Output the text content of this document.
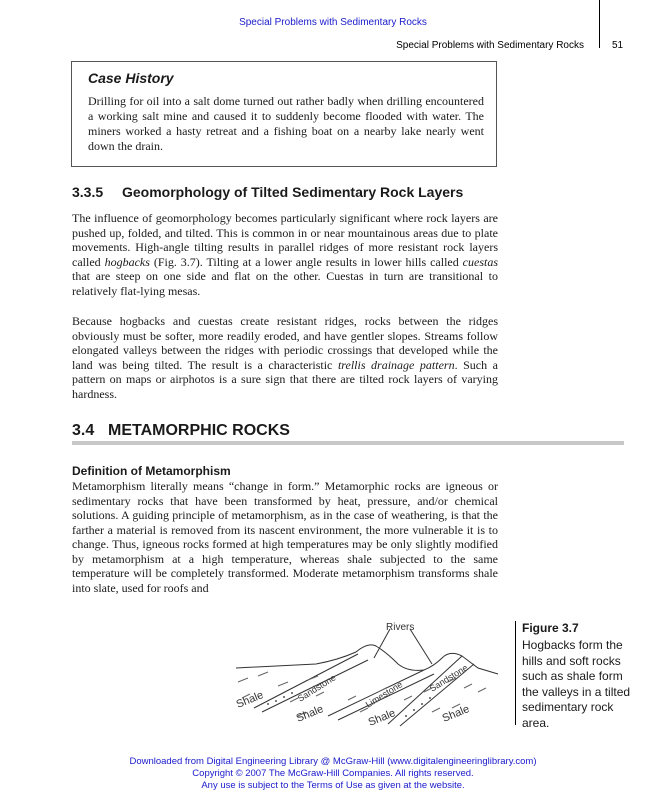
Special Problems with Sedimentary Rocks
Special Problems with Sedimentary Rocks	51

Case History

Drilling for oil into a salt dome turned out rather badly when drilling encountered a working salt mine and caused it to suddenly become flooded with water. The miners worked a hasty retreat and a fishing boat on a nearby lake nearly went down the drain.

3.3.5 Geomorphology of Tilted Sedimentary Rock Layers

The influence of geomorphology becomes particularly significant where rock layers are pushed up, folded, and tilted. This is common in or near mountainous areas due to plate movements. High-angle tilting results in parallel ridges of more resistant rock layers called hogbacks (Fig. 3.7). Tilting at a lower angle results in lower hills called cuestas that are steep on one side and flat on the other. Cuestas in turn are transitional to relatively flat-lying mesas.

Because hogbacks and cuestas create resistant ridges, rocks between the ridges obviously must be softer, more readily eroded, and have gentler slopes. Streams follow elongated valleys between the ridges with periodic crossings that developed while the land was being tilted. The result is a characteristic trellis drainage pattern. Such a pattern on maps or airphotos is a sure sign that there are tilted rock layers of varying hardness.

3.4 METAMORPHIC ROCKS
Definition of Metamorphism

Metamorphism literally means “change in form.” Metamorphic rocks are igneous or sedimentary rocks that have been transformed by heat, pressure, and/or chemical solutions. A guiding principle of metamorphism, as in the case of weathering, is that the farther a material is removed from its nascent environment, the more vulnerable it is to change. Thus, igneous rocks formed at high temperatures may be only slightly modified by metamorphism at a high temperature, whereas shale subjected to the same temperature will be completely transformed. Moderate metamorphism transforms shale into slate, used for roofs and

Rivers
Sandstone	Limestone
Sandstone
Shale
Shale	Shale	Shale

Figure 3.7

Hogbacks form the hills and soft rocks such as shale form the valleys in a tilted sedimentary rock area.

Downloaded from Digital Engineering Library @ McGraw-Hill (www.digitalengineeringlibrary.com)
Copyright © 2007 The McGraw-Hill Companies. All rights reserved.
Any use is subject to the Terms of Use as given at the website.
